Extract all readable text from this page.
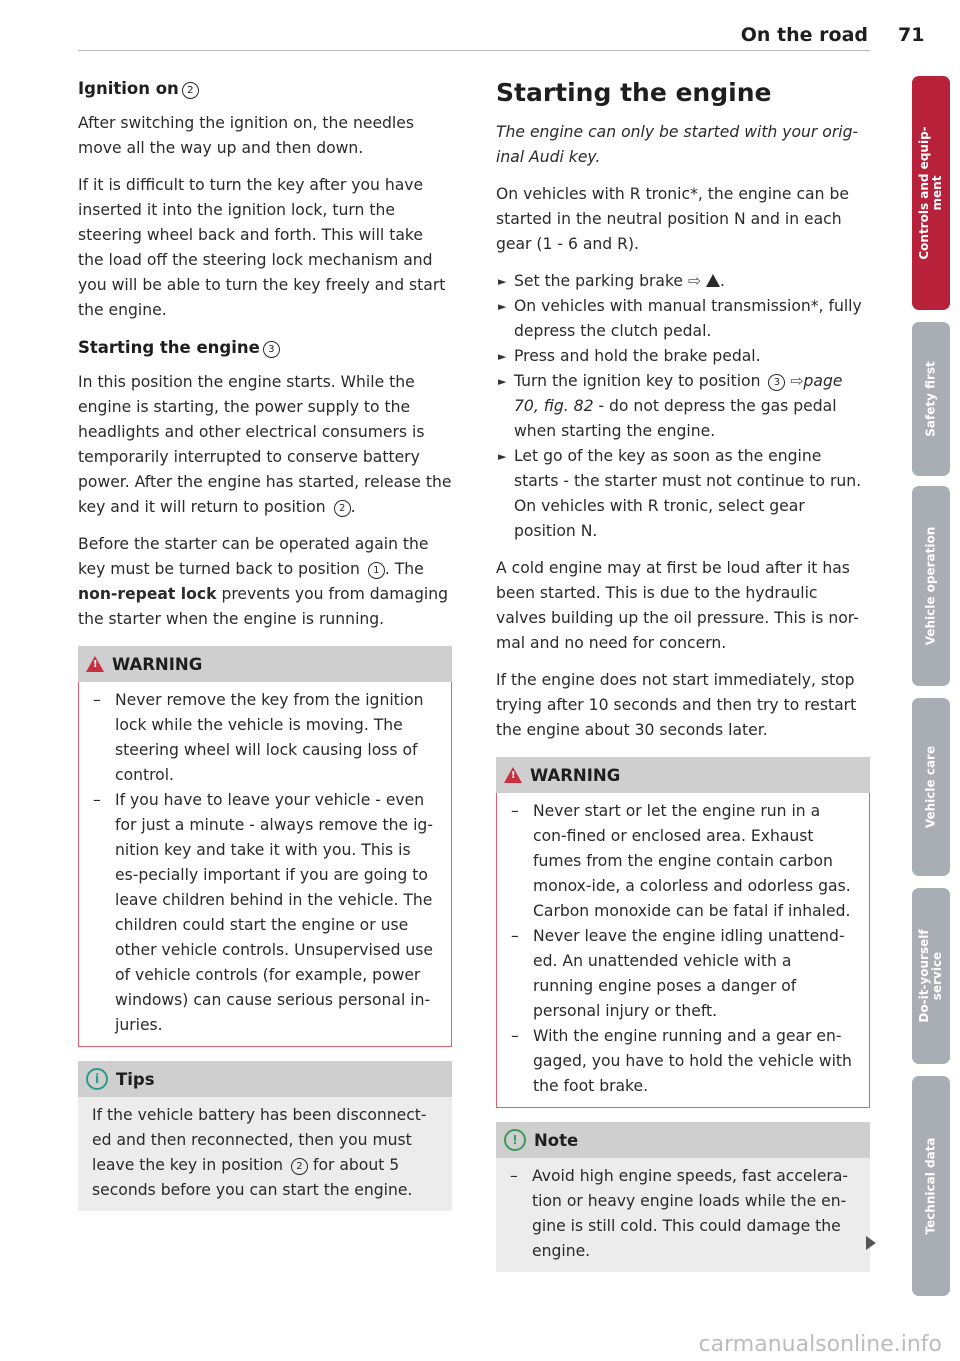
On the road 71
Ignition on 2

After switching the ignition on, the needles move all the way up and then down.

If it is difficult to turn the key after you have inserted it into the ignition lock, turn the steering wheel back and forth. This will take the load off the steering lock mechanism and you will be able to turn the key freely and start the engine.

Starting the engine 3

In this position the engine starts. While the engine is starting, the power supply to the headlights and other electrical consumers is temporarily interrupted to conserve battery power. After the engine has started, release the key and it will return to position 2 .

Before the starter can be operated again the key must be turned back to position 1 . The non-repeat lock prevents you from damaging the starter when the engine is running.

! WARNING
– Never remove the key from the ignition lock while the vehicle is moving. The steering wheel will lock causing loss of control.
– If you have to leave your vehicle - even for just a minute - always remove the ig-nition key and take it with you. This is es-pecially important if you are going to leave children behind in the vehicle. The children could start the engine or use other vehicle controls. Unsupervised use of vehicle controls (for example, power windows) can cause serious personal in-juries.
i	Tips

If the vehicle battery has been disconnect-ed and then reconnected, then you must leave the key in position 2 for about 5 seconds before you can start the engine.

Starting the engine

The engine can only be started with your orig-inal Audi key.

On vehicles with R tronic*, the engine can be started in the neutral position N and in each gear (1 - 6 and R).

► Set the parking brake ⇨ .
► On vehicles with manual transmission*, fully depress the clutch pedal.
► Press and hold the brake pedal.
► Turn the ignition key to position 3 ⇨page 70, fig. 82 - do not depress the gas pedal when starting the engine.
► Let go of the key as soon as the engine starts - the starter must not continue to run. On vehicles with R tronic, select gear position N.

A cold engine may at first be loud after it has been started. This is due to the hydraulic valves building up the oil pressure. This is nor-mal and no need for concern.

If the engine does not start immediately, stop trying after 10 seconds and then try to restart the engine about 30 seconds later.

! WARNING
– Never start or let the engine run in a con-fined or enclosed area. Exhaust fumes from the engine contain carbon monox-ide, a colorless and odorless gas. Carbon monoxide can be fatal if inhaled.
– Never leave the engine idling unattend-ed. An unattended vehicle with a running engine poses a danger of personal injury or theft.
– With the engine running and a gear en-gaged, you have to hold the vehicle with the foot brake.
! Note
– Avoid high engine speeds, fast accelera-tion or heavy engine loads while the en-gine is still cold. This could damage the engine.
Controls and equip-
ment
Safety first
Vehicle operation
Vehicle care
Do-it-yourself
service
Technical data
carmanualsonline.info
